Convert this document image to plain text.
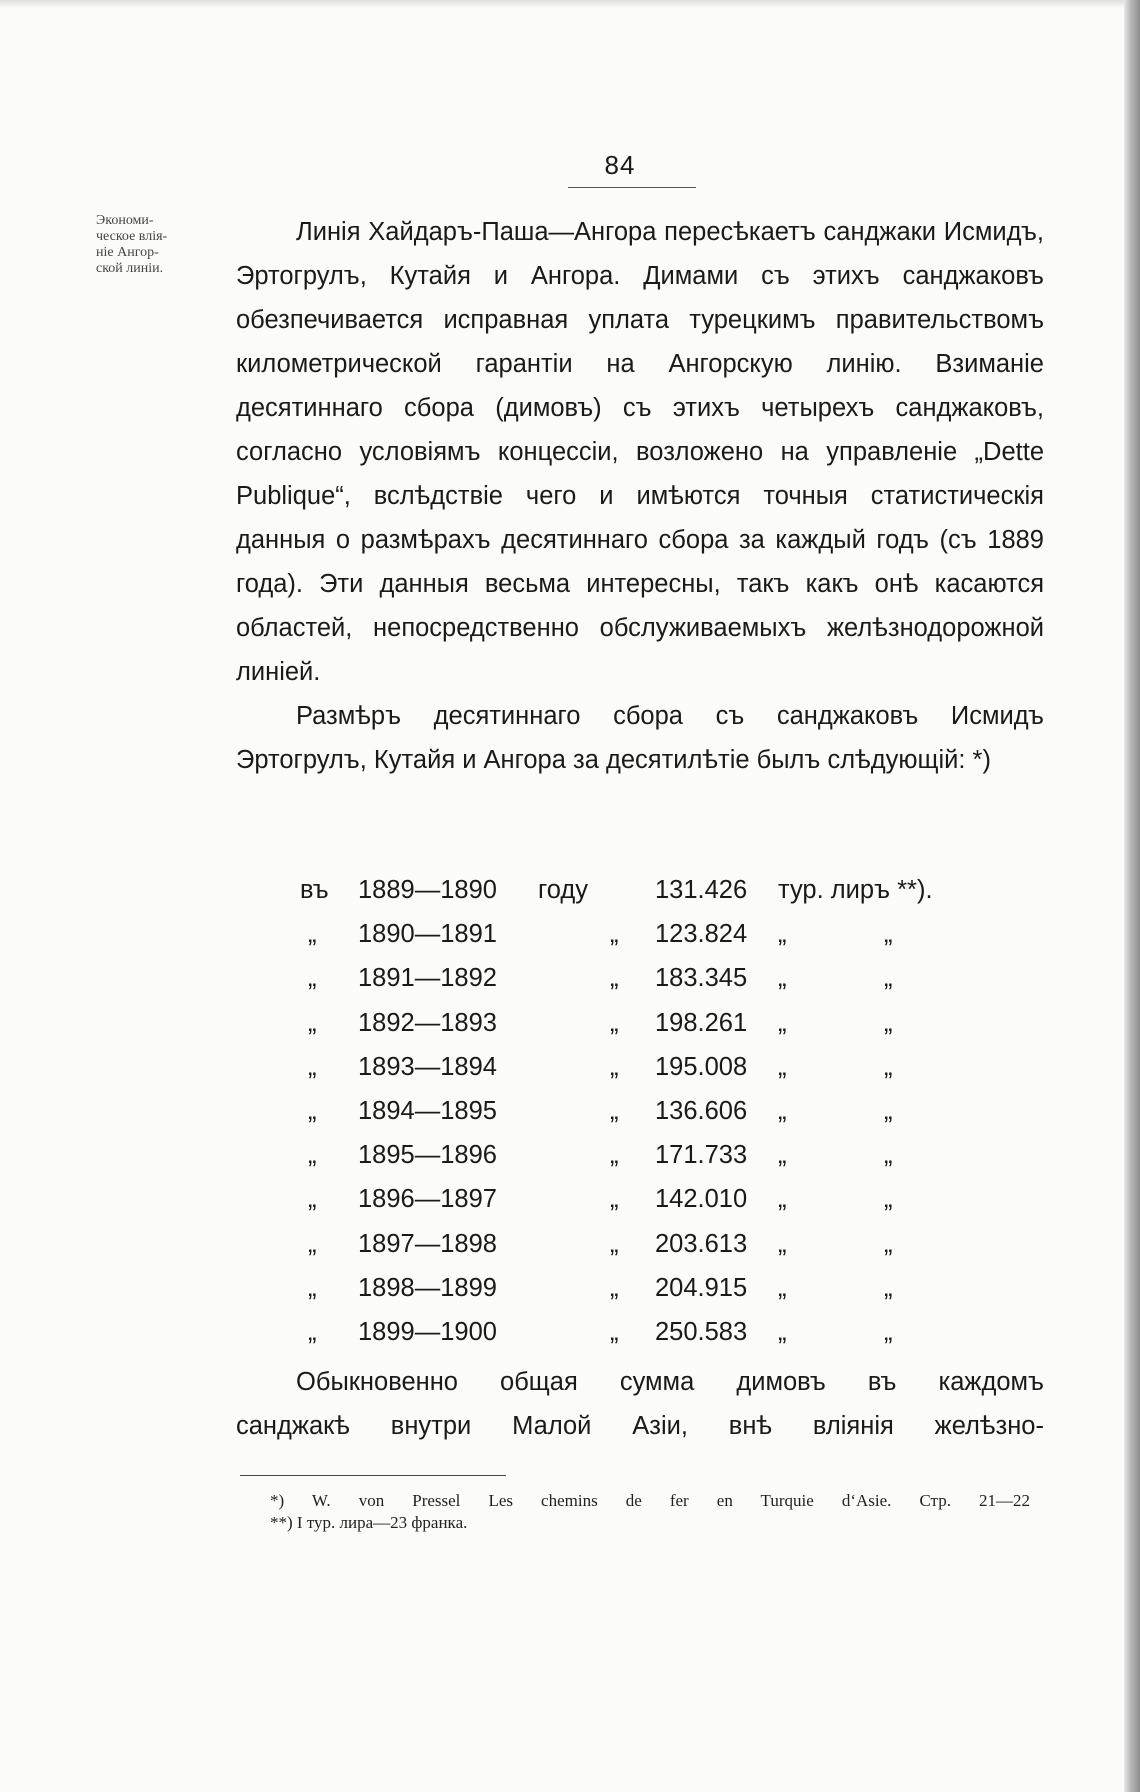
84
Экономи-
ческое влія-
ніе Ангор-
ской линіи.

Линія Хайдаръ-Паша—Ангора пересѣкаетъ санджаки Исмидъ, Эртогрулъ, Кутайя и Ангора. Димами съ этихъ санджаковъ обезпечивается исправная уплата турецкимъ правительствомъ километрической гарантіи на Ангорскую линію. Взиманіе десятиннаго сбора (димовъ) съ этихъ четырехъ санджаковъ, согласно условіямъ концессіи, возложено на управленіе „Dette Publique“, вслѣдствіе чего и имѣются точныя статистическія данныя о размѣрахъ десятиннаго сбора за каждый годъ (съ 1889 года). Эти данныя весьма интересны, такъ какъ онѣ касаются областей, непосредственно обслуживаемыхъ желѣзнодорожной линіей.

Размѣръ десятиннаго сбора съ санджаковъ Исмидъ Эртогрулъ, Кутайя и Ангора за десятилѣтіе былъ слѣдующій: *)

въ 1889—1890 году	131.426 тур. лиръ **).
„ 1890—1891	„ 123.824 „	„
„ 1891—1892	„ 183.345 „	„
„ 1892—1893	„ 198.261 „	„
„ 1893—1894	„ 195.008 „	„
„ 1894—1895	„ 136.606 „	„
„ 1895—1896	„ 171.733 „	„
„ 1896—1897	„ 142.010 „	„
„ 1897—1898	„ 203.613 „	„
„ 1898—1899	„ 204.915 „	„
„ 1899—1900	„ 250.583 „	„

Обыкновенно общая сумма димовъ въ каждомъ

санджакѣ внутри Малой Азіи, внѣ вліянія желѣзно-

*) W. von Pressel Les chemins de fer en Turquie d‘Asie. Стр. 21—22
**) I тур. лира—23 франка.
